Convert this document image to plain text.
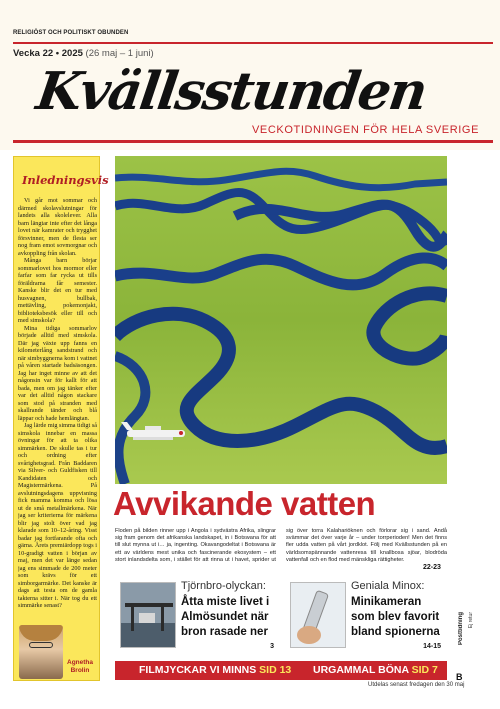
RELIGIÖST OCH POLITISKT OBUNDEN
Vecka 22 • 2025 (26 maj – 1 juni)
Kvällsstunden
VECKOTIDNINGEN FÖR HELA SVERIGE
Inledningsvis

Vi går mot sommar och därmed skolavslutningar för landets alla skolelever. Alla barn längtar inte efter det långa lovet när kamrater och trygghet försvinner, men de flesta ser nog fram emot sovmorgnar och avkoppling från skolan.

Många barn börjar sommarlovet hos mormor eller farfar som far rycka ut tills föräldrarna får semester. Kanske blir det en tur med husvagnen, bullbak, mettävling, pokemonjakt, biblioteksbesök eller till och med simskola?

Mina tidiga sommarlov började alltid med simskola. Där jag växte upp fanns en kilometerlång sandstrand och när simbyggnerna kom i vattnet på våren startade badsäsongen. Jag har inget minne av att det någonsin var för kallt för att bada, men om jag tänker efter var det alltid någon stackare som stod på stranden med skallrande tänder och blå läppar och hade hemlängtan.

Jag lärde mig simma tidigt så simskola innebar en massa övningar för att ta olika simmärken. De skulle tas i tur och ordning efter svårighetsgrad. Från Baddaren via Silver- och Guldfisken till Kandidaten och Magistermärkena. På avslutningsdagens uppvisning fick mamma komma och lösa ut de små metallmärkena. När jag ser kriterierna för märkena blir jag stolt över vad jag klarade som 10–12-åring. Visst badar jag fortfarande ofta och gärna. Årets premiärdopp togs i 10-gradigt vatten i början av maj, men det var länge sedan jag ens simmade de 200 meter som krävs för ett simborgarmärke. Det kanske är dags att testa om de gamla takterna sitter i. När tog du ett simmärke senast?

Agnetha Brolin
Avvikande vatten
Floden på bilden rinner upp i Angola i sydvästra Afrika, slingrar sig fram genom det afrikanska landskapet, in i Botswana för att till slut mynna ut i… ja, ingenting. Okavangodeltat i Botswana är ett av världens mest unika och fascinerande ekosystem – ett stort inlandsdelta som, i stället för att rinna ut i havet, sprider ut sig över torra Kalahariöknen och förlorar sig i sand. Andå svämmar det över varje år – under torrperioden! Men det finns fler udda vatten på vårt jordklot. Följ med Kvällsstunden på en världsomspännande vattenresa till knallbosa sjöar, blodröda vattenfall och en flod med mänskliga rättigheter.
22-23
Tjörnbro-olyckan:
Åtta miste livet i
Almösundet när
bron rasade ner
3
Geniala Minox:
Minikameran
som blev favorit
bland spionerna
14-15
FILMJYCKAR VI MINNS SID 13 URGAMMAL BÖNA SID 7
Utdelas senast fredagen den 30 maj
Posttidning Ej retur
B
